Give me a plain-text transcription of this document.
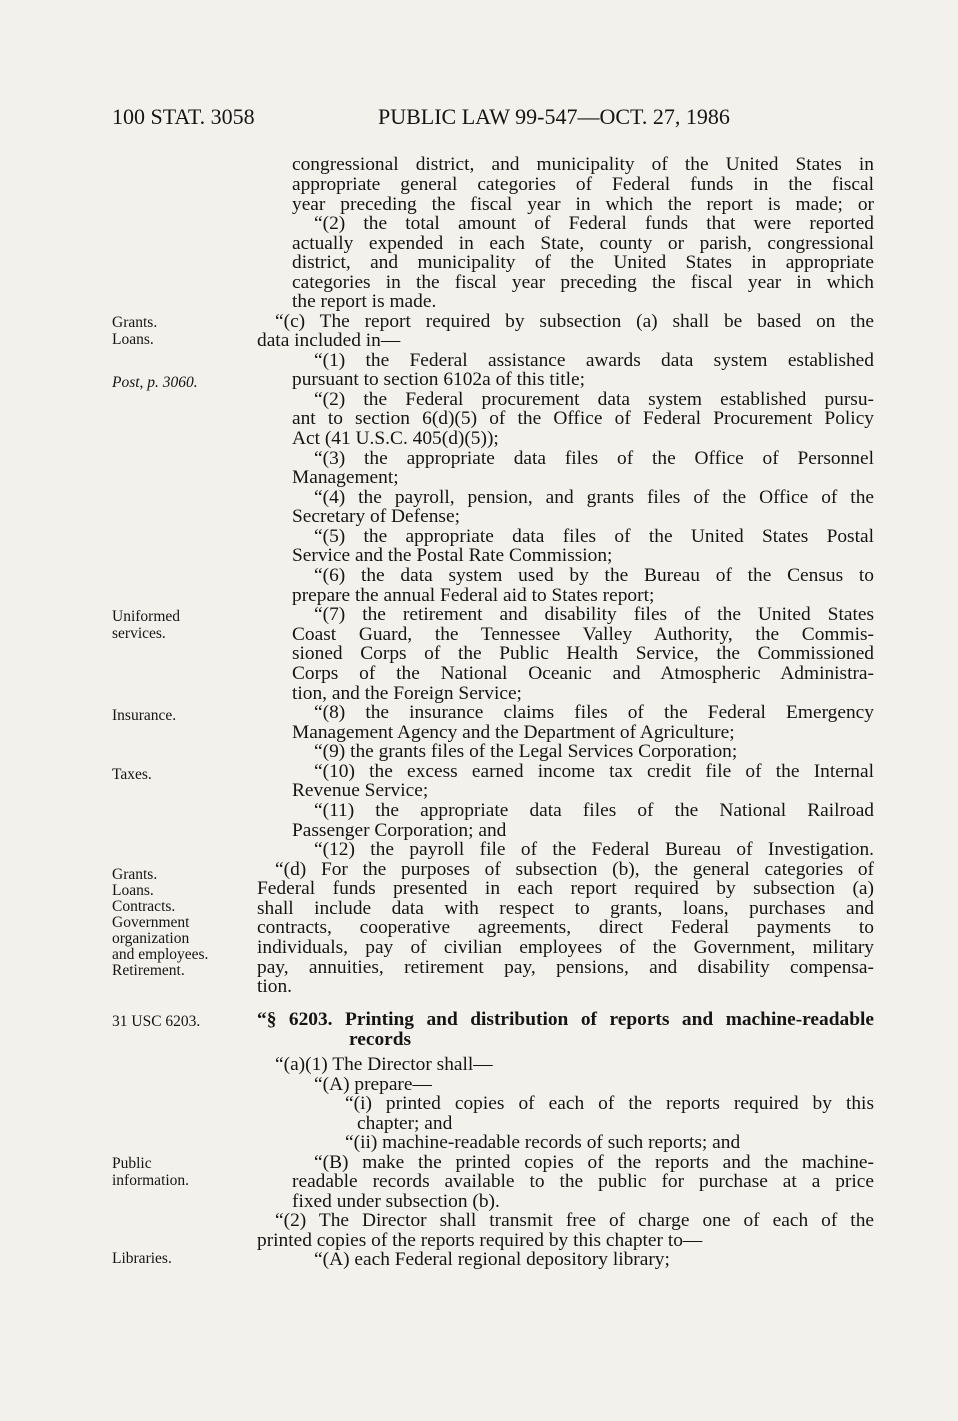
100 STAT. 3058	PUBLIC LAW 99-547—OCT. 27, 1986
Grants.
Loans.
Post, p. 3060.
Uniformed
services.
Insurance.
Taxes.
Grants.
Loans.
Contracts.
Government
organization
and employees.
Retirement.
31 USC 6203.
Public
information.
Libraries.
congressional district, and municipality of the United States in
appropriate general categories of Federal funds in the fiscal
year preceding the fiscal year in which the report is made; or
“(2) the total amount of Federal funds that were reported
actually expended in each State, county or parish, congressional
district, and municipality of the United States in appropriate
categories in the fiscal year preceding the fiscal year in which
the report is made.
“(c) The report required by subsection (a) shall be based on the
data included in—
“(1) the Federal assistance awards data system established
pursuant to section 6102a of this title;
“(2) the Federal procurement data system established pursu-
ant to section 6(d)(5) of the Office of Federal Procurement Policy
Act (41 U.S.C. 405(d)(5));
“(3) the appropriate data files of the Office of Personnel
Management;
“(4) the payroll, pension, and grants files of the Office of the
Secretary of Defense;
“(5) the appropriate data files of the United States Postal
Service and the Postal Rate Commission;
“(6) the data system used by the Bureau of the Census to
prepare the annual Federal aid to States report;
“(7) the retirement and disability files of the United States
Coast Guard, the Tennessee Valley Authority, the Commis-
sioned Corps of the Public Health Service, the Commissioned
Corps of the National Oceanic and Atmospheric Administra-
tion, and the Foreign Service;
“(8) the insurance claims files of the Federal Emergency
Management Agency and the Department of Agriculture;
“(9) the grants files of the Legal Services Corporation;
“(10) the excess earned income tax credit file of the Internal
Revenue Service;
“(11) the appropriate data files of the National Railroad
Passenger Corporation; and
“(12) the payroll file of the Federal Bureau of Investigation.
“(d) For the purposes of subsection (b), the general categories of
Federal funds presented in each report required by subsection (a)
shall include data with respect to grants, loans, purchases and
contracts, cooperative agreements, direct Federal payments to
individuals, pay of civilian employees of the Government, military
pay, annuities, retirement pay, pensions, and disability compensa-
tion.
“§ 6203. Printing and distribution of reports and machine-readable
records
“(a)(1) The Director shall—
“(A) prepare—
“(i) printed copies of each of the reports required by this
chapter; and
“(ii) machine-readable records of such reports; and
“(B) make the printed copies of the reports and the machine-
readable records available to the public for purchase at a price
fixed under subsection (b).
“(2) The Director shall transmit free of charge one of each of the
printed copies of the reports required by this chapter to—
“(A) each Federal regional depository library;
